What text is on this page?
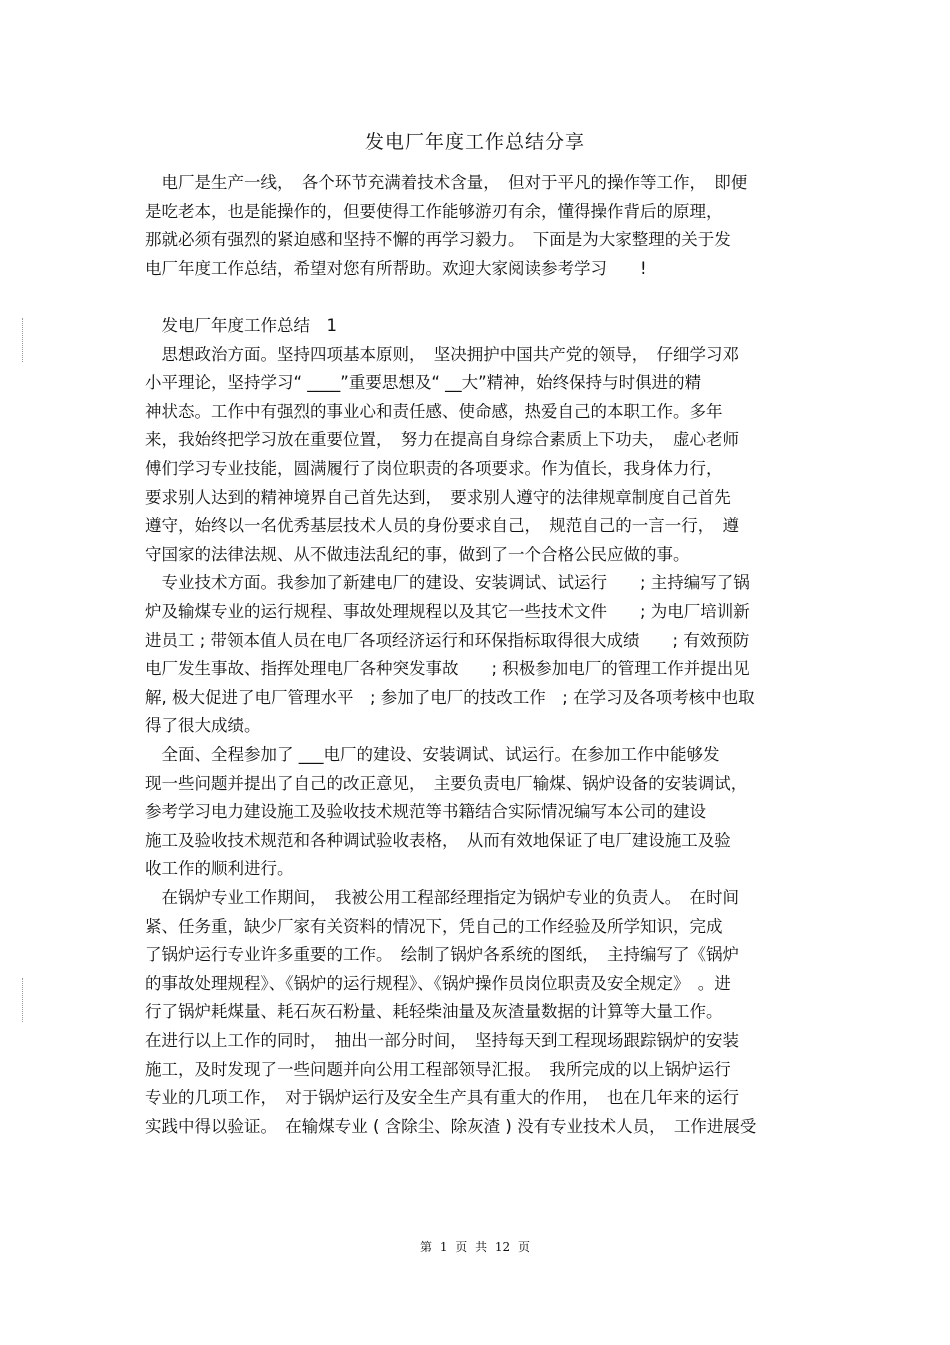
发电厂年度工作总结分享
　电厂是生产一线，　各个环节充满着技术含量，　但对于平凡的操作等工作，　即便
是吃老本，也是能操作的，但要使得工作能够游刃有余，懂得操作背后的原理，
那就必须有强烈的紧迫感和坚持不懈的再学习毅力。　下面是为大家整理的关于发
电厂年度工作总结，希望对您有所帮助。欢迎大家阅读参考学习　　!
　发电厂年度工作总结　1
　思想政治方面。坚持四项基本原则，　坚决拥护中国共产党的领导，　仔细学习邓
小平理论，坚持学习“ ____”重要思想及“ __大”精神，始终保持与时俱进的精
神状态。工作中有强烈的事业心和责任感、使命感，热爱自己的本职工作。多年
来，我始终把学习放在重要位置，　努力在提高自身综合素质上下功夫，　虚心老师
傅们学习专业技能，圆满履行了岗位职责的各项要求。作为值长，我身体力行，
要求别人达到的精神境界自己首先达到，　要求别人遵守的法律规章制度自己首先
遵守，始终以一名优秀基层技术人员的身份要求自己，　规范自己的一言一行，　遵
守国家的法律法规、从不做违法乱纪的事，做到了一个合格公民应做的事。
　专业技术方面。我参加了新建电厂的建设、安装调试、试运行　　; 主持编写了锅
炉及输煤专业的运行规程、事故处理规程以及其它一些技术文件　　; 为电厂培训新
进员工 ; 带领本值人员在电厂各项经济运行和环保指标取得很大成绩　　; 有效预防
电厂发生事故、指挥处理电厂各种突发事故　　; 积极参加电厂的管理工作并提出见
解, 极大促进了电厂管理水平　; 参加了电厂的技改工作　; 在学习及各项考核中也取
得了很大成绩。
　全面、全程参加了 ___电厂的建设、安装调试、试运行。在参加工作中能够发
现一些问题并提出了自己的改正意见，　主要负责电厂输煤、锅炉设备的安装调试，
参考学习电力建设施工及验收技术规范等书籍结合实际情况编写本公司的建设
施工及验收技术规范和各种调试验收表格，　从而有效地保证了电厂建设施工及验
收工作的顺利进行。
　在锅炉专业工作期间，　我被公用工程部经理指定为锅炉专业的负责人。　在时间
紧、任务重，缺少厂家有关资料的情况下，凭自己的工作经验及所学知识，完成
了锅炉运行专业许多重要的工作。　绘制了锅炉各系统的图纸，　主持编写了《锅炉
的事故处理规程》、《锅炉的运行规程》、《锅炉操作员岗位职责及安全规定》　。进
行了锅炉耗煤量、耗石灰石粉量、耗轻柴油量及灰渣量数据的计算等大量工作。
在进行以上工作的同时，　抽出一部分时间，　坚持每天到工程现场跟踪锅炉的安装
施工，及时发现了一些问题并向公用工程部领导汇报。　我所完成的以上锅炉运行
专业的几项工作，　对于锅炉运行及安全生产具有重大的作用，　也在几年来的运行
实践中得以验证。　在输煤专业 ( 含除尘、除灰渣 ) 没有专业技术人员，　工作进展受
第 1 页 共 12 页
